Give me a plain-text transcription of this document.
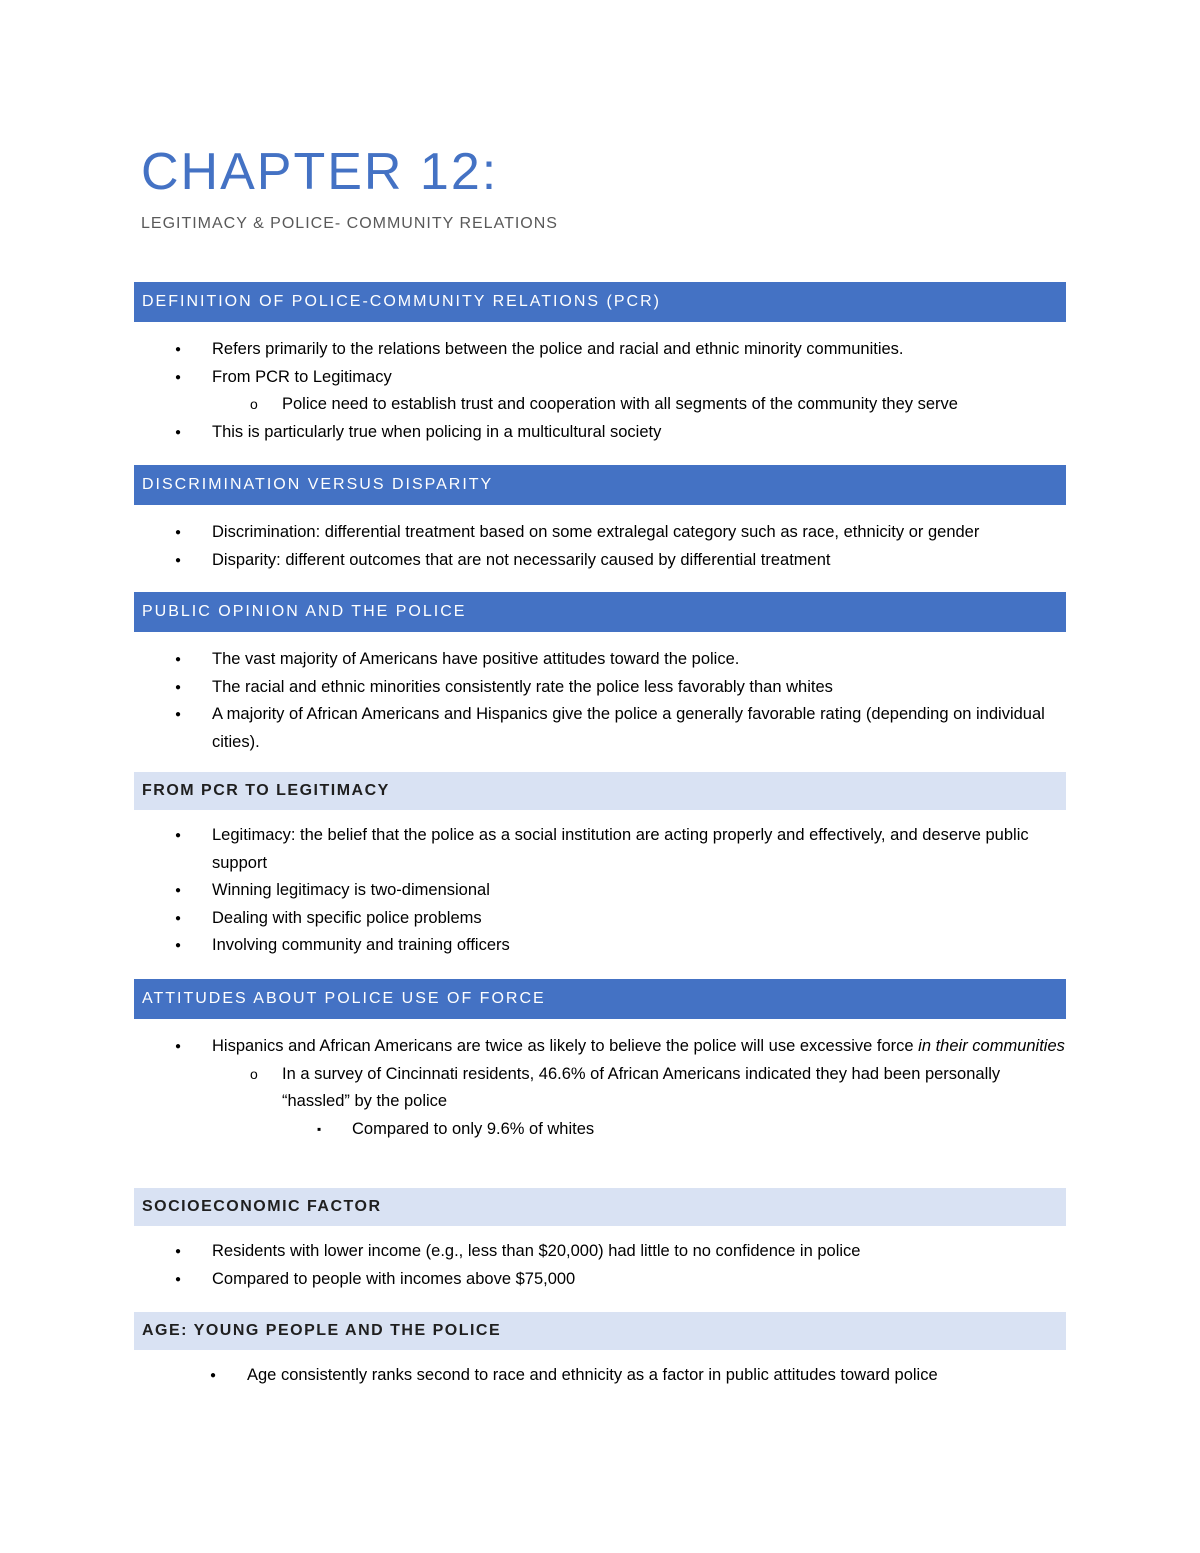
CHAPTER 12:
LEGITIMACY & POLICE- COMMUNITY RELATIONS
DEFINITION OF POLICE-COMMUNITY RELATIONS (PCR)
● Refers primarily to the relations between the police and racial and ethnic minority communities.
● From PCR to Legitimacy
o Police need to establish trust and cooperation with all segments of the community they serve
● This is particularly true when policing in a multicultural society
DISCRIMINATION VERSUS DISPARITY
● Discrimination: differential treatment based on some extralegal category such as race, ethnicity or gender
● Disparity: different outcomes that are not necessarily caused by differential treatment
PUBLIC OPINION AND THE POLICE
● The vast majority of Americans have positive attitudes toward the police.
● The racial and ethnic minorities consistently rate the police less favorably than whites
● A majority of African Americans and Hispanics give the police a generally favorable rating (depending on individual cities).
FROM PCR TO LEGITIMACY
● Legitimacy: the belief that the police as a social institution are acting properly and effectively, and deserve public support
● Winning legitimacy is two-dimensional
● Dealing with specific police problems
● Involving community and training officers
ATTITUDES ABOUT POLICE USE OF FORCE
● Hispanics and African Americans are twice as likely to believe the police will use excessive force in their communities
o In a survey of Cincinnati residents, 46.6% of African Americans indicated they had been personally “hassled” by the police
▪ Compared to only 9.6% of whites
SOCIOECONOMIC FACTOR
● Residents with lower income (e.g., less than $20,000) had little to no confidence in police
● Compared to people with incomes above $75,000
AGE: YOUNG PEOPLE AND THE POLICE
● Age consistently ranks second to race and ethnicity as a factor in public attitudes toward police
